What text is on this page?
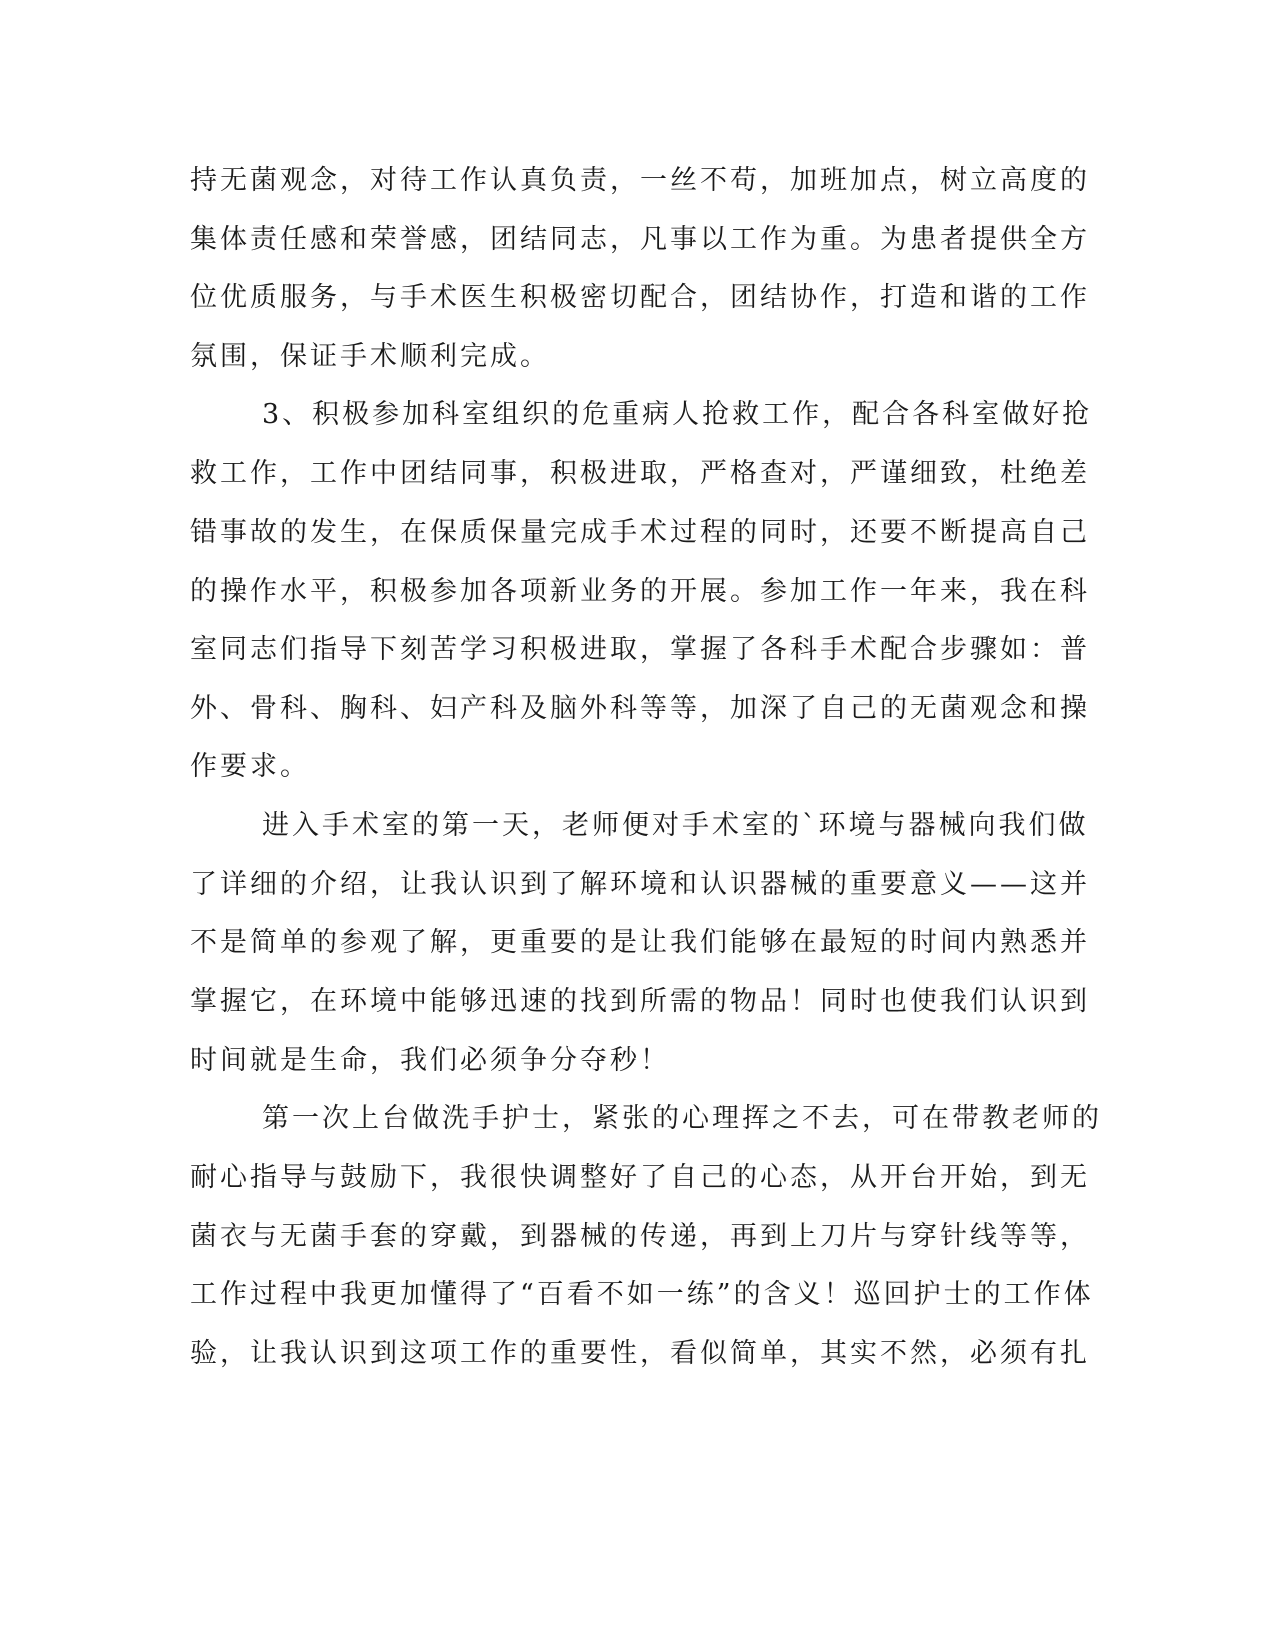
持无菌观念，对待工作认真负责，一丝不苟，加班加点，树立高度的
集体责任感和荣誉感，团结同志，凡事以工作为重。为患者提供全方
位优质服务，与手术医生积极密切配合，团结协作，打造和谐的工作
氛围，保证手术顺利完成。
3、积极参加科室组织的危重病人抢救工作，配合各科室做好抢
救工作，工作中团结同事，积极进取，严格查对，严谨细致，杜绝差
错事故的发生，在保质保量完成手术过程的同时，还要不断提高自己
的操作水平，积极参加各项新业务的开展。参加工作一年来，我在科
室同志们指导下刻苦学习积极进取，掌握了各科手术配合步骤如：普
外、骨科、胸科、妇产科及脑外科等等，加深了自己的无菌观念和操
作要求。
进入手术室的第一天，老师便对手术室的`环境与器械向我们做
了详细的介绍，让我认识到了解环境和认识器械的重要意义——这并
不是简单的参观了解，更重要的是让我们能够在最短的时间内熟悉并
掌握它，在环境中能够迅速的找到所需的物品！同时也使我们认识到
时间就是生命，我们必须争分夺秒！
第一次上台做洗手护士，紧张的心理挥之不去，可在带教老师的
耐心指导与鼓励下，我很快调整好了自己的心态，从开台开始，到无
菌衣与无菌手套的穿戴，到器械的传递，再到上刀片与穿针线等等，
工作过程中我更加懂得了“百看不如一练”的含义！巡回护士的工作体
验，让我认识到这项工作的重要性，看似简单，其实不然，必须有扎
